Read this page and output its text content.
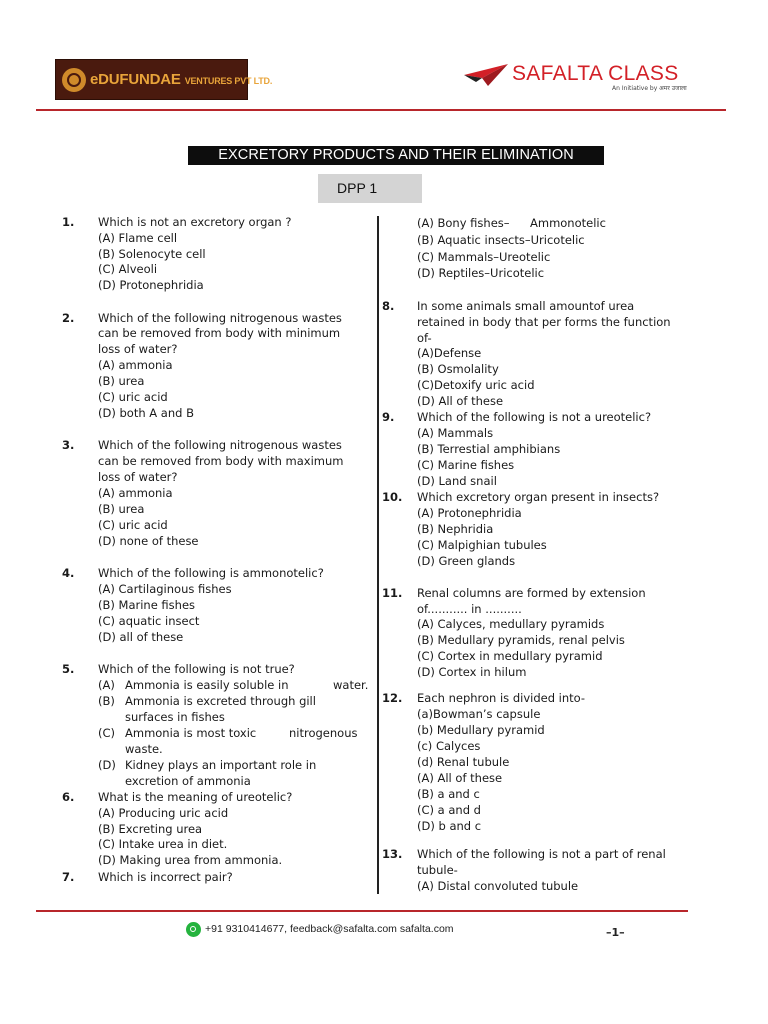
eDUFUNDAE VENTURES PVT LTD.	SAFALTA CLASS
An Initiative by अमर उजाला
EXCRETORY PRODUCTS AND THEIR ELIMINATION
DPP 1
1. Which is not an excretory organ ?
(A) Flame cell
(B) Solenocyte cell
(C) Alveoli
(D) Protonephridia
2. Which of the following nitrogenous wastes
can be removed from body with minimum
loss of water?
(A) ammonia
(B) urea
(C) uric acid
(D) both A and B
3. Which of the following nitrogenous wastes
can be removed from body with maximum
loss of water?
(A) ammonia
(B) urea
(C) uric acid
(D) none of these
4. Which of the following is ammonotelic?
(A) Cartilaginous fishes
(B) Marine fishes
(C) aquatic insect
(D) all of these
5. Which of the following is not true?
(A) Ammonia is easily soluble in	water.
(B) Ammonia is excreted through gill
surfaces in fishes
(C) Ammonia is most toxic	nitrogenous
waste.
(D) Kidney plays an important role in
excretion of ammonia
6. What is the meaning of ureotelic?
(A) Producing uric acid
(B) Excreting urea
(C) Intake urea in diet.
(D) Making urea from ammonia.
7. Which is incorrect pair?
(A) Bony fishes– Ammonotelic
(B) Aquatic insects–Uricotelic
(C) Mammals–Ureotelic
(D) Reptiles–Uricotelic
8. In some animals small amountof urea
retained in body that per forms the function
of-
(A)Defense
(B) Osmolality
(C)Detoxify uric acid
(D) All of these
9. Which of the following is not a ureotelic?
(A) Mammals
(B) Terrestial amphibians
(C) Marine fishes
(D) Land snail
10. Which excretory organ present in insects?
(A) Protonephridia
(B) Nephridia
(C) Malpighian tubules
(D) Green glands
11. Renal columns are formed by extension
of........... in ..........
(A) Calyces, medullary pyramids
(B) Medullary pyramids, renal pelvis
(C) Cortex in medullary pyramid
(D) Cortex in hilum
12. Each nephron is divided into-
(a)Bowman’s capsule
(b) Medullary pyramid
(c) Calyces
(d) Renal tubule
(A) All of these
(B) a and c
(C) a and d
(D) b and c
13. Which of the following is not a part of renal
tubule-
(A) Distal convoluted tubule
+91 9310414677, feedback@safalta.com safalta.com	–1–
